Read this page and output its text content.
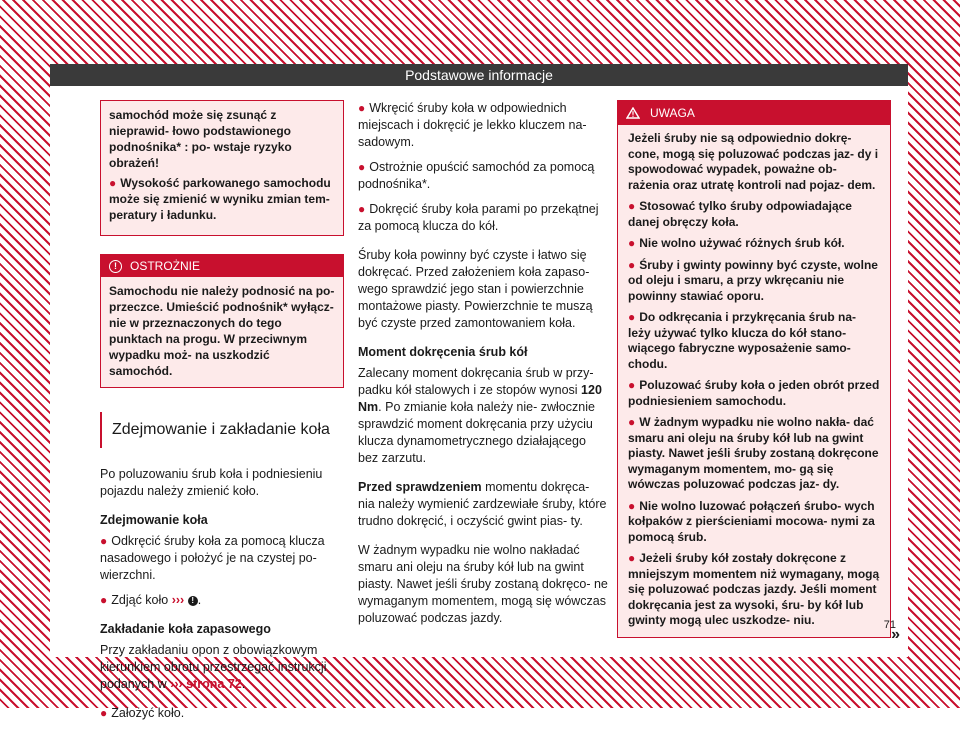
Podstawowe informacje

samochód może się zsunąć z nieprawid- łowo podstawionego podnośnika* : po- wstaje ryzyko obrażeń!

● Wysokość parkowanego samochodu może się zmienić w wyniku zmian tem- peratury i ładunku.

!	OSTROŻNIE

Samochodu nie należy podnosić na po- przeczce. Umieścić podnośnik* wyłącz- nie w przeznaczonych do tego punktach na progu. W przeciwnym wypadku moż- na uszkodzić samochód.

Zdejmowanie i zakładanie koła

Po poluzowaniu śrub koła i podniesieniu pojazdu należy zmienić koło.

Zdejmowanie koła

● Odkręcić śruby koła za pomocą klucza nasadowego i położyć je na czystej po- wierzchni.

● Zdjąć koło ››› ! .

Zakładanie koła zapasowego

Przy zakładaniu opon z obowiązkowym kierunkiem obrotu przestrzegać instrukcji podanych w ››› strona 72.

● Założyć koło.

● Wkręcić śruby koła w odpowiednich miejscach i dokręcić je lekko kluczem na- sadowym.

● Ostrożnie opuścić samochód za pomocą podnośnika*.

● Dokręcić śruby koła parami po przekątnej za pomocą klucza do kół.

Śruby koła powinny być czyste i łatwo się dokręcać. Przed założeniem koła zapaso- wego sprawdzić jego stan i powierzchnie montażowe piasty. Powierzchnie te muszą być czyste przed zamontowaniem koła.

Moment dokręcenia śrub kół

Zalecany moment dokręcania śrub w przy- padku kół stalowych i ze stopów wynosi 120 Nm. Po zmianie koła należy nie- zwłocznie sprawdzić moment dokręcania przy użyciu klucza dynamometrycznego działającego bez zarzutu.

Przed sprawdzeniem momentu dokręca- nia należy wymienić zardzewiałe śruby, które trudno dokręcić, i oczyścić gwint pias- ty.

W żadnym wypadku nie wolno nakładać smaru ani oleju na śruby kół lub na gwint piasty. Nawet jeśli śruby zostaną dokręco- ne wymaganym momentem, mogą się wówczas poluzować podczas jazdy.

UWAGA

Jeżeli śruby nie są odpowiednio dokrę- cone, mogą się poluzować podczas jaz- dy i spowodować wypadek, poważne ob- rażenia oraz utratę kontroli nad pojaz- dem.

● Stosować tylko śruby odpowiadające danej obręczy koła.

● Nie wolno używać różnych śrub kół.

● Śruby i gwinty powinny być czyste, wolne od oleju i smaru, a przy wkręcaniu nie powinny stawiać oporu.

● Do odkręcania i przykręcania śrub na- leży używać tylko klucza do kół stano- wiącego fabryczne wyposażenie samo- chodu.

● Poluzować śruby koła o jeden obrót przed podniesieniem samochodu.

● W żadnym wypadku nie wolno nakła- dać smaru ani oleju na śruby kół lub na gwint piasty. Nawet jeśli śruby zostaną dokręcone wymaganym momentem, mo- gą się wówczas poluzować podczas jaz- dy.

● Nie wolno luzować połączeń śrubo- wych kołpaków z pierścieniami mocowa- nymi za pomocą śrub.

● Jeżeli śruby kół zostały dokręcone z mniejszym momentem niż wymagany, mogą się poluzować podczas jazdy. Jeśli moment dokręcania jest za wysoki, śru- by kół lub gwinty mogą ulec uszkodze- niu.

»
71
